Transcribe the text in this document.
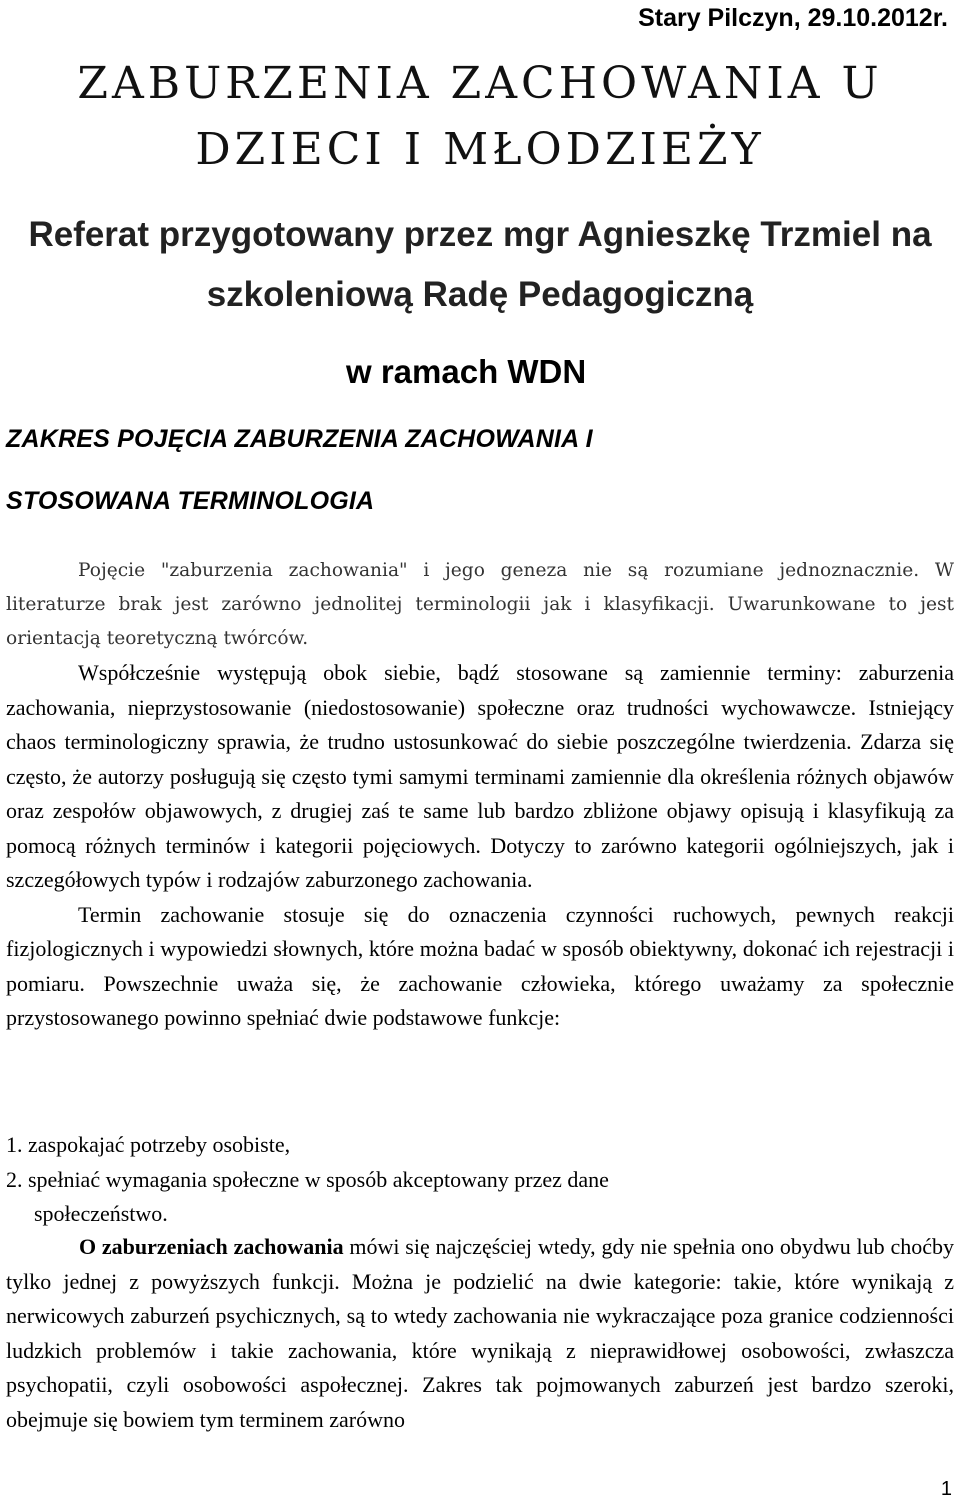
Stary Pilczyn, 29.10.2012r.
ZABURZENIA ZACHOWANIA U
DZIECI I MŁODZIEŻY
Referat przygotowany przez mgr Agnieszkę Trzmiel na
szkoleniową Radę Pedagogiczną
w ramach WDN
ZAKRES POJĘCIA ZABURZENIA ZACHOWANIA I
STOSOWANA TERMINOLOGIA

Pojęcie "zaburzenia zachowania" i jego geneza nie są rozumiane jednoznacznie. W literaturze brak jest zarówno jednolitej terminologii jak i klasyfikacji. Uwarunkowane to jest orientacją teoretyczną twórców.

Współcześnie występują obok siebie, bądź stosowane są zamiennie terminy: zaburzenia zachowania, nieprzystosowanie (niedostosowanie) społeczne oraz trudności wychowawcze. Istniejący chaos terminologiczny sprawia, że trudno ustosunkować do siebie poszczególne twierdzenia. Zdarza się często, że autorzy posługują się często tymi samymi terminami zamiennie dla określenia różnych objawów oraz zespołów objawowych, z drugiej zaś te same lub bardzo zbliżone objawy opisują i klasyfikują za pomocą różnych terminów i kategorii pojęciowych. Dotyczy to zarówno kategorii ogólniejszych, jak i szczegółowych typów i rodzajów zaburzonego zachowania.

Termin zachowanie stosuje się do oznaczenia czynności ruchowych, pewnych reakcji fizjologicznych i wypowiedzi słownych, które można badać w sposób obiektywny, dokonać ich rejestracji i pomiaru. Powszechnie uważa się, że zachowanie człowieka, którego uważamy za społecznie przystosowanego powinno spełniać dwie podstawowe funkcje:

1. zaspokajać potrzeby osobiste,

2. spełniać wymagania społeczne w sposób akceptowany przez dane
społeczeństwo.

O zaburzeniach zachowania mówi się najczęściej wtedy, gdy nie spełnia ono obydwu lub choćby tylko jednej z powyższych funkcji. Można je podzielić na dwie kategorie: takie, które wynikają z nerwicowych zaburzeń psychicznych, są to wtedy zachowania nie wykraczające poza granice codzienności ludzkich problemów i takie zachowania, które wynikają z nieprawidłowej osobowości, zwłaszcza psychopatii, czyli osobowości aspołecznej. Zakres tak pojmowanych zaburzeń jest bardzo szeroki, obejmuje się bowiem tym terminem zarówno

1
